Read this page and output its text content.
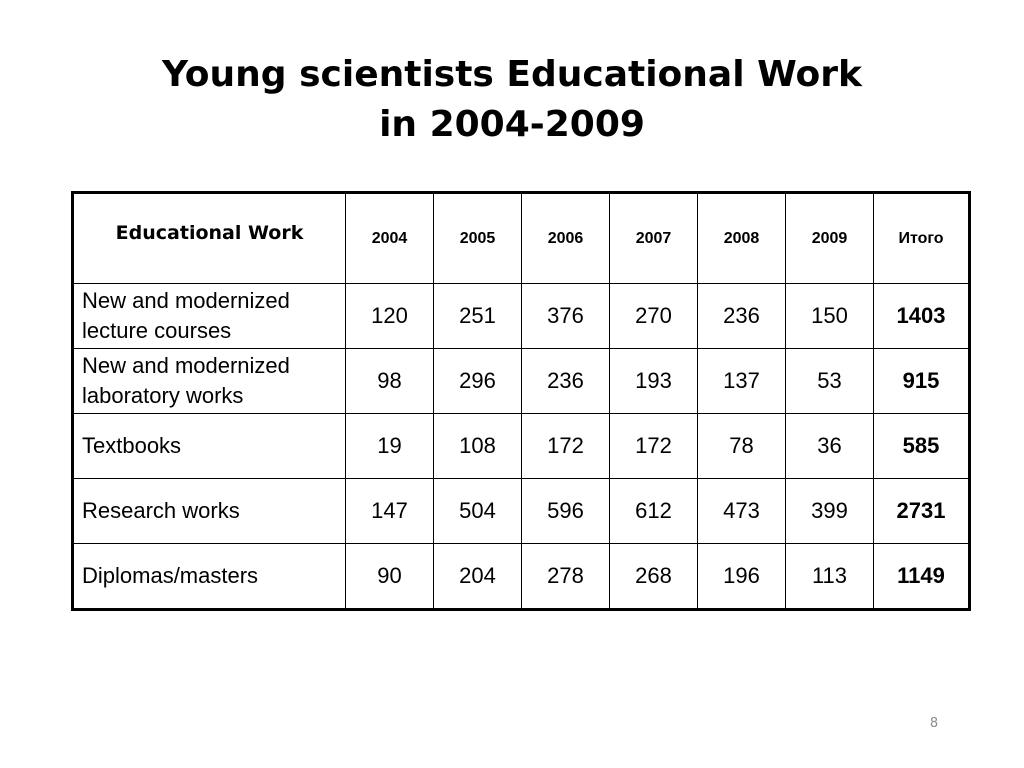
Young scientists Educational Work
in 2004-2009
Educational Work	2004	2005	2006	2007	2008	2009	Итого
New and modernized lecture courses	120	251	376	270	236	150	1403
New and modernized laboratory works	98	296	236	193	137	53	915
Textbooks	19	108	172	172	78	36	585
Research works	147	504	596	612	473	399	2731
Diplomas/masters	90	204	278	268	196	113	1149
8
